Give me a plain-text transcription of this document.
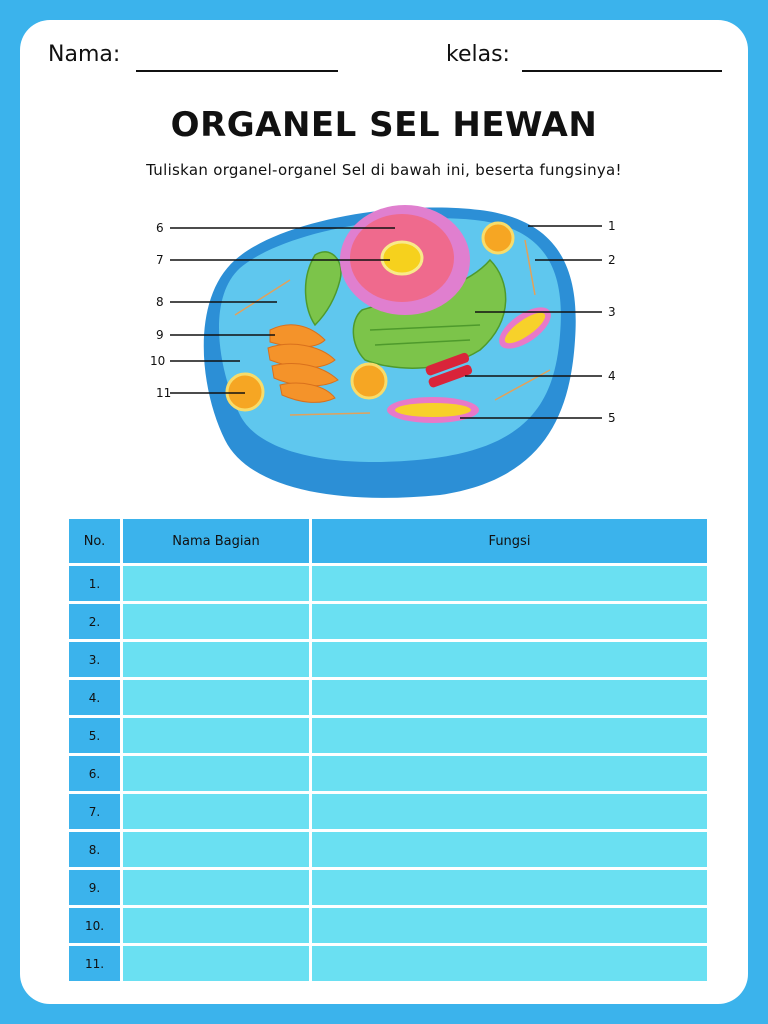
Nama:	kelas:
ORGANEL SEL HEWAN
Tuliskan organel-organel Sel di bawah ini, beserta fungsinya!
1
2
3
4
5
6
7
8
9
10
11
No.	Nama Bagian	Fungsi
1.		
2.		
3.		
4.		
5.		
6.		
7.		
8.		
9.		
10.		
11.		
